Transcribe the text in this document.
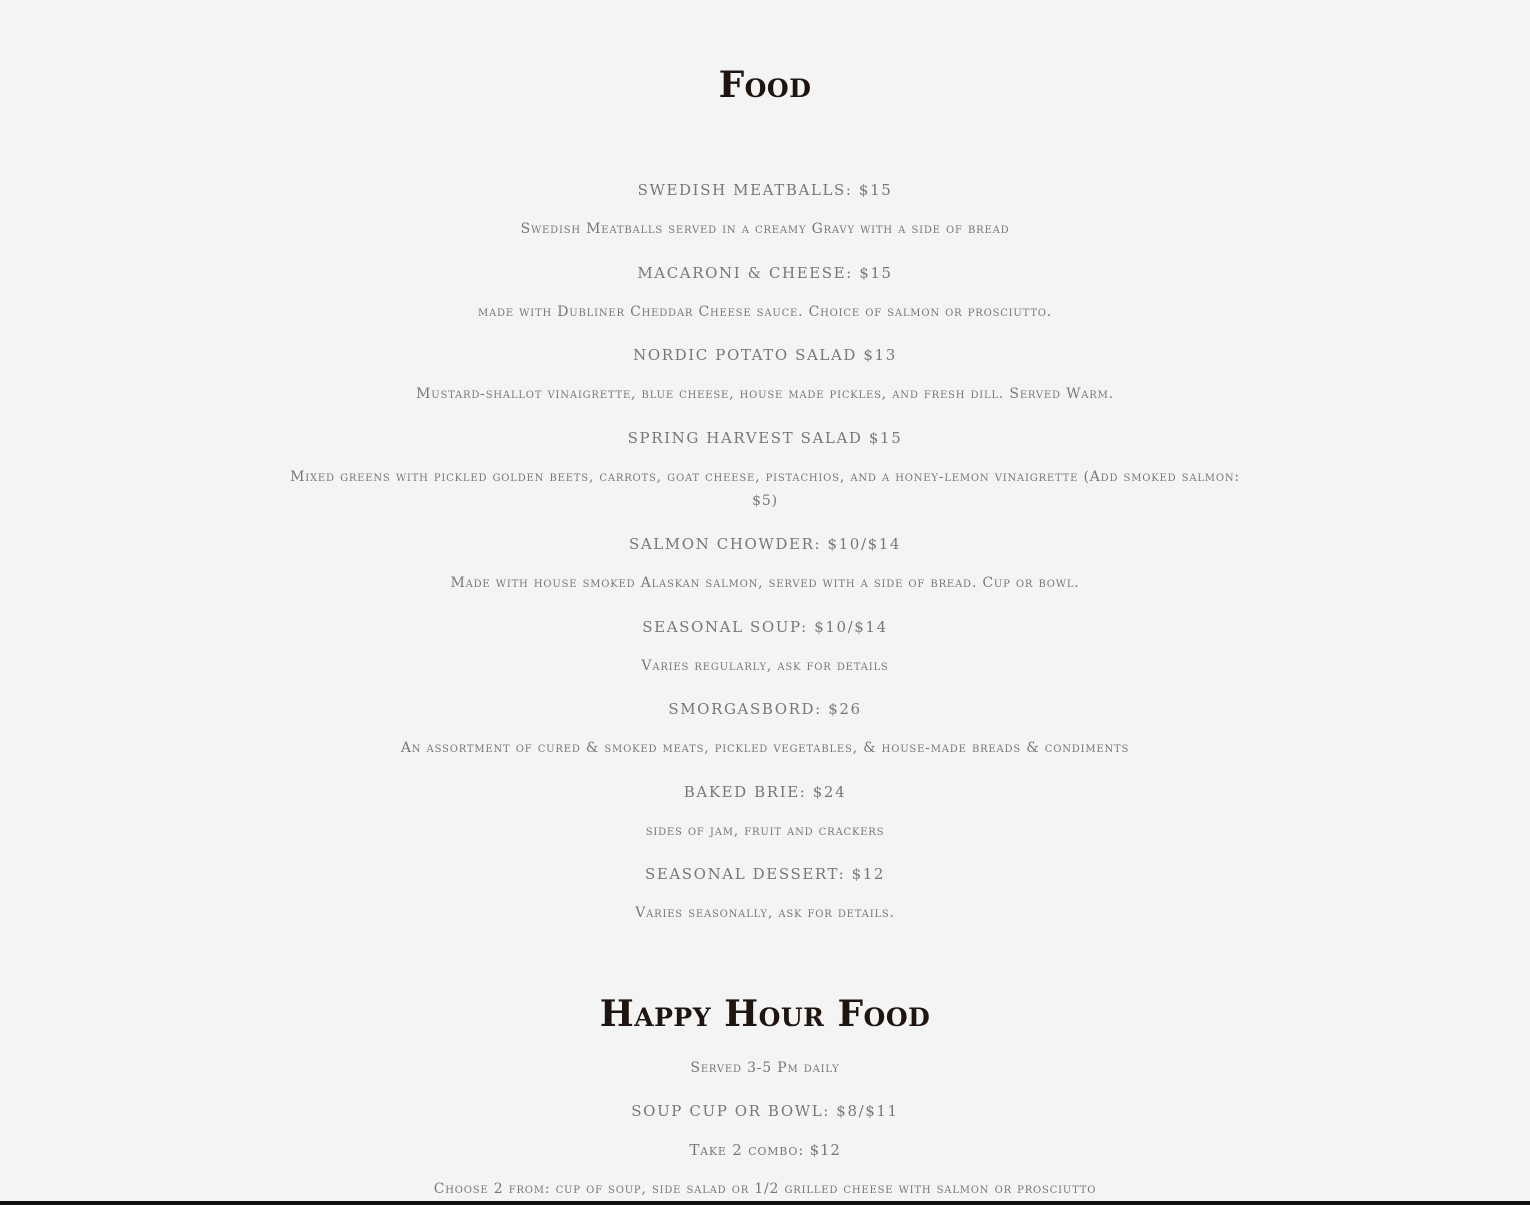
Food

SWEDISH MEATBALLS: $15

Swedish Meatballs served in a creamy Gravy with a side of bread

MACARONI & CHEESE: $15

made with Dubliner Cheddar Cheese sauce. Choice of salmon or prosciutto.

NORDIC POTATO SALAD $13

Mustard-shallot vinaigrette, blue cheese, house made pickles, and fresh dill. Served Warm.

SPRING HARVEST SALAD $15

Mixed greens with pickled golden beets, carrots, goat cheese, pistachios, and a honey-lemon vinaigrette (Add smoked salmon: $5)

SALMON CHOWDER: $10/$14

Made with house smoked Alaskan salmon, served with a side of bread. Cup or bowl.

SEASONAL SOUP: $10/$14

Varies regularly, ask for details

SMORGASBORD: $26

An assortment of cured & smoked meats, pickled vegetables, & house-made breads & condiments

BAKED BRIE: $24

sides of jam, fruit and crackers

SEASONAL DESSERT: $12

Varies seasonally, ask for details.

Happy Hour Food

Served 3-5 Pm daily

SOUP CUP OR BOWL: $8/$11

Take 2 combo: $12

Choose 2 from: cup of soup, side salad or 1/2 grilled cheese with salmon or prosciutto
